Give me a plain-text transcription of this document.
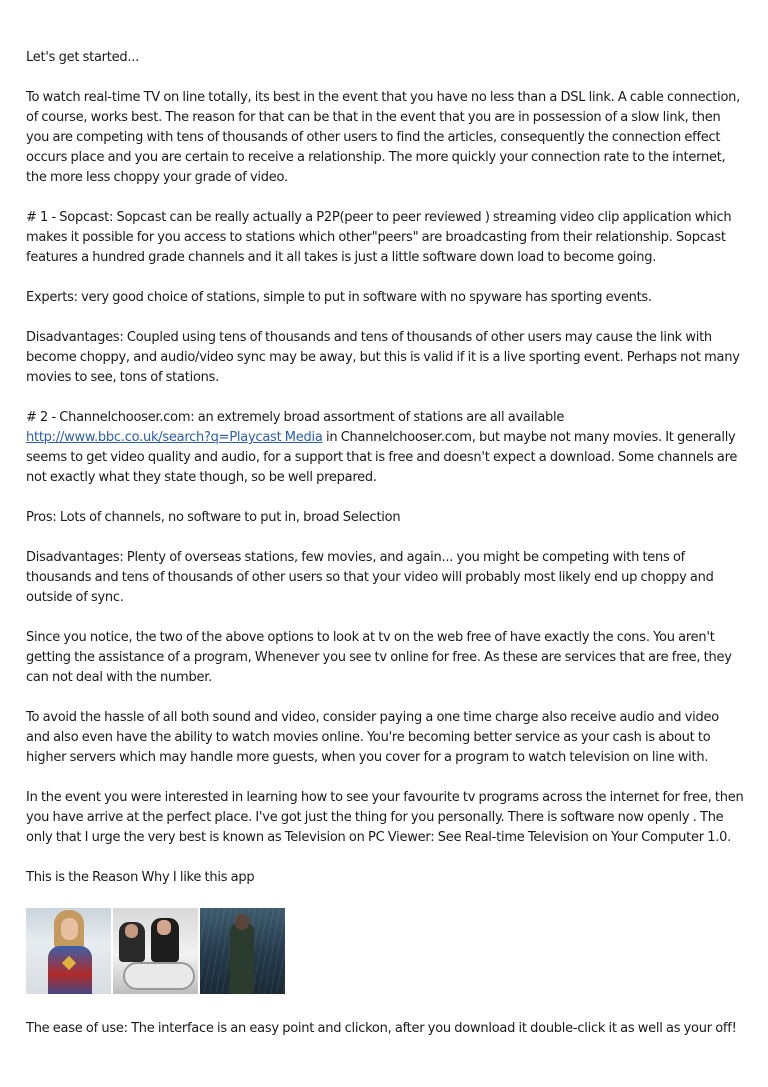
Let's get started...

To watch real-time TV on line totally, its best in the event that you have no less than a DSL link. A cable connection, of course, works best. The reason for that can be that in the event that you are in possession of a slow link, then you are competing with tens of thousands of other users to find the articles, consequently the connection effect occurs place and you are certain to receive a relationship. The more quickly your connection rate to the internet, the more less choppy your grade of video.

# 1 - Sopcast: Sopcast can be really actually a P2P(peer to peer reviewed ) streaming video clip application which makes it possible for you access to stations which other"peers" are broadcasting from their relationship. Sopcast features a hundred grade channels and it all takes is just a little software down load to become going.

Experts: very good choice of stations, simple to put in software with no spyware has sporting events.

Disadvantages: Coupled using tens of thousands and tens of thousands of other users may cause the link with become choppy, and audio/video sync may be away, but this is valid if it is a live sporting event. Perhaps not many movies to see, tons of stations.

# 2 - Channelchooser.com: an extremely broad assortment of stations are all available http://www.bbc.co.uk/search?q=Playcast Media in Channelchooser.com, but maybe not many movies. It generally seems to get video quality and audio, for a support that is free and doesn't expect a download. Some channels are not exactly what they state though, so be well prepared.

Pros: Lots of channels, no software to put in, broad Selection

Disadvantages: Plenty of overseas stations, few movies, and again... you might be competing with tens of thousands and tens of thousands of other users so that your video will probably most likely end up choppy and outside of sync.

Since you notice, the two of the above options to look at tv on the web free of have exactly the cons. You aren't getting the assistance of a program, Whenever you see tv online for free. As these are services that are free, they can not deal with the number.

To avoid the hassle of all both sound and video, consider paying a one time charge also receive audio and video and also even have the ability to watch movies online. You're becoming better service as your cash is about to higher servers which may handle more guests, when you cover for a program to watch television on line with.

In the event you were interested in learning how to see your favourite tv programs across the internet for free, then you have arrive at the perfect place. I've got just the thing for you personally. There is software now openly . The only that I urge the very best is known as Television on PC Viewer: See Real-time Television on Your Computer 1.0.

This is the Reason Why I like this app

The ease of use: The interface is an easy point and clickon, after you download it double-click it as well as your off!
